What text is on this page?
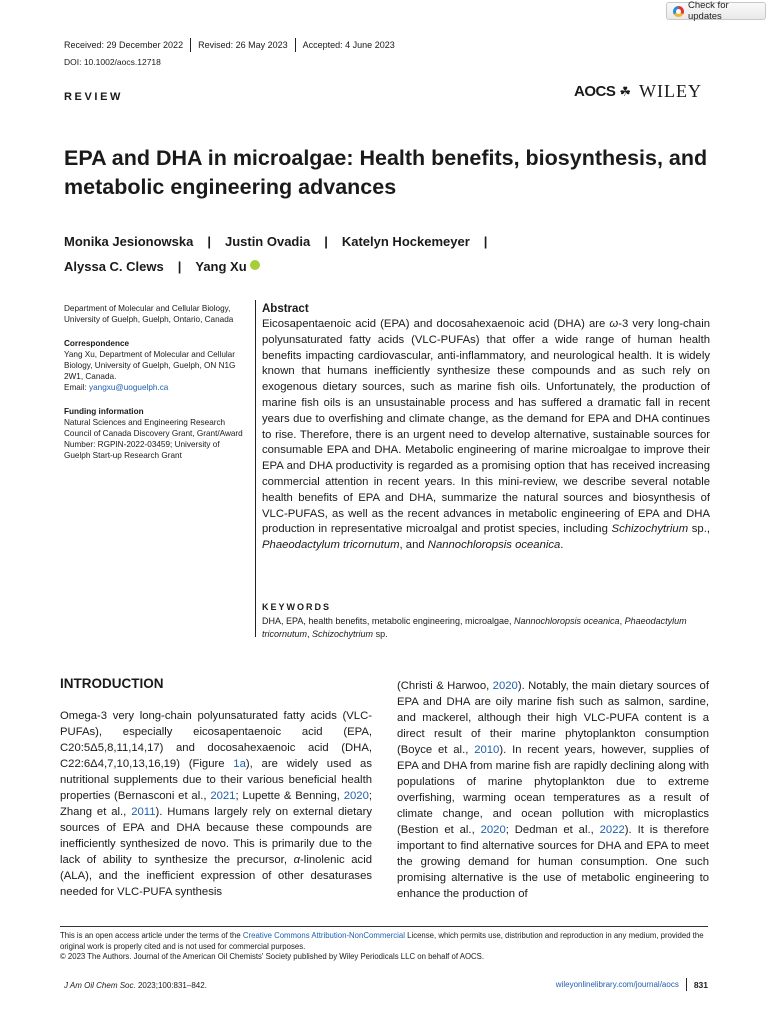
Check for updates
Received: 29 December 2022 Revised: 26 May 2023 Accepted: 4 June 2023
DOI: 10.1002/aocs.12718
REVIEW	AOCS ☘ WILEY
EPA and DHA in microalgae: Health benefits, biosynthesis, and metabolic engineering advances
Monika Jesionowska | Justin Ovadia | Katelyn Hockemeyer |
Alyssa C. Clews | Yang Xu

Department of Molecular and Cellular Biology, University of Guelph, Guelph, Ontario, Canada

Correspondence

Yang Xu, Department of Molecular and Cellular Biology, University of Guelph, Guelph, ON N1G 2W1, Canada.
Email: yangxu@uoguelph.ca

Funding information

Natural Sciences and Engineering Research Council of Canada Discovery Grant, Grant/Award Number: RGPIN-2022-03459; University of Guelph Start-up Research Grant

Abstract
Eicosapentaenoic acid (EPA) and docosahexaenoic acid (DHA) are ω-3 very long-chain polyunsaturated fatty acids (VLC-PUFAs) that offer a wide range of human health benefits impacting cardiovascular, anti-inflammatory, and neurological health. It is widely known that humans inefficiently synthesize these compounds and as such rely on exogenous dietary sources, such as marine fish oils. Unfortunately, the production of marine fish oils is an unsustainable process and has suffered a dramatic fall in recent years due to overfishing and climate change, as the demand for EPA and DHA continues to rise. Therefore, there is an urgent need to develop alternative, sustainable sources for consumable EPA and DHA. Metabolic engineering of marine microalgae to improve their EPA and DHA productivity is regarded as a promising option that has received increasing commercial attention in recent years. In this mini-review, we describe several notable health benefits of EPA and DHA, summarize the natural sources and biosynthesis of VLC-PUFAS, as well as the recent advances in metabolic engineering of EPA and DHA production in representative microalgal and protist species, including Schizochytrium sp., Phaeodactylum tricornutum, and Nannochloropsis oceanica.
KEYWORDS
DHA, EPA, health benefits, metabolic engineering, microalgae, Nannochloropsis oceanica, Phaeodactylum tricornutum, Schizochytrium sp.
INTRODUCTION
Omega-3 very long-chain polyunsaturated fatty acids (VLC-PUFAs), especially eicosapentaenoic acid (EPA, C20:5Δ5,8,11,14,17) and docosahexaenoic acid (DHA, C22:6Δ4,7,10,13,16,19) (Figure 1a), are widely used as nutritional supplements due to their various beneficial health properties (Bernasconi et al., 2021; Lupette & Benning, 2020; Zhang et al., 2011). Humans largely rely on external dietary sources of EPA and DHA because these compounds are inefficiently synthesized de novo. This is primarily due to the lack of ability to synthesize the precursor, α-linolenic acid (ALA), and the inefficient expression of other desaturases needed for VLC-PUFA synthesis
(Christi & Harwoo, 2020). Notably, the main dietary sources of EPA and DHA are oily marine fish such as salmon, sardine, and mackerel, although their high VLC-PUFA content is a direct result of their marine phytoplankton consumption (Boyce et al., 2010). In recent years, however, supplies of EPA and DHA from marine fish are rapidly declining along with populations of marine phytoplankton due to extreme overfishing, warming ocean temperatures as a result of climate change, and ocean pollution with microplastics (Bestion et al., 2020; Dedman et al., 2022). It is therefore important to find alternative sources for DHA and EPA to meet the growing demand for human consumption. One such promising alternative is the use of metabolic engineering to enhance the production of
This is an open access article under the terms of the Creative Commons Attribution-NonCommercial License, which permits use, distribution and reproduction in any medium, provided the original work is properly cited and is not used for commercial purposes.
© 2023 The Authors. Journal of the American Oil Chemists' Society published by Wiley Periodicals LLC on behalf of AOCS.
J Am Oil Chem Soc. 2023;100:831–842.	wileyonlinelibrary.com/journal/aocs 831
